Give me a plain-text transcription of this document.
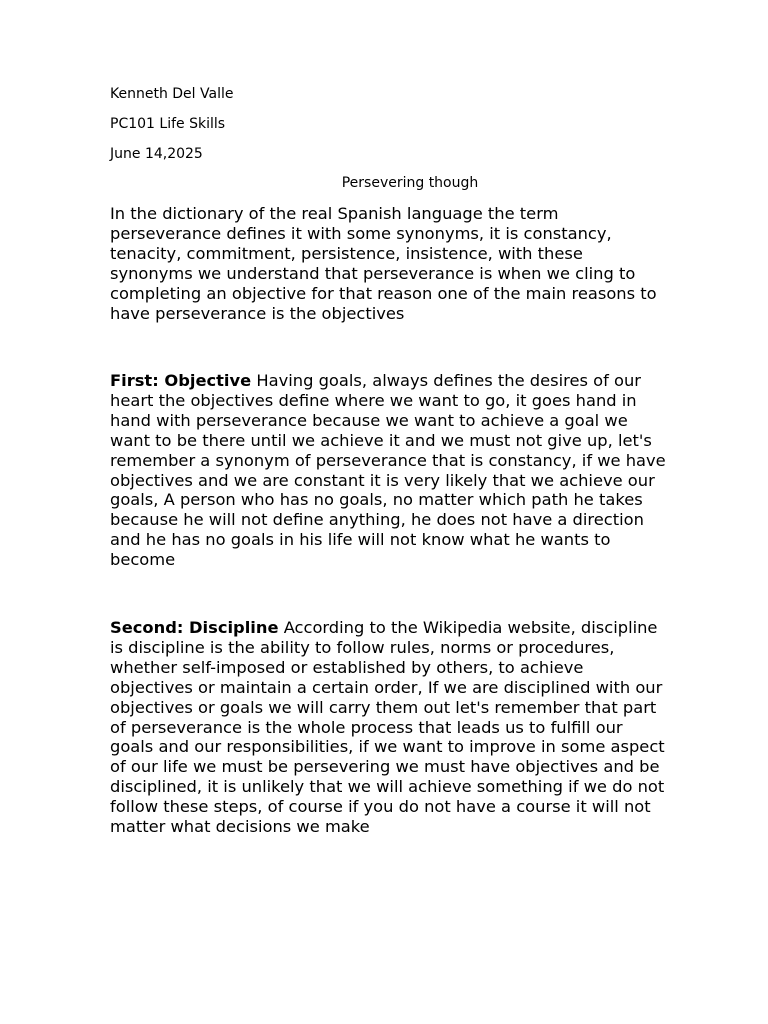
Kenneth Del Valle
PC101 Life Skills
June 14,2025
Persevering though

In the dictionary of the real Spanish language the term perseverance defines it with some synonyms, it is constancy, tenacity, commitment, persistence, insistence, with these synonyms we understand that perseverance is when we cling to completing an objective for that reason one of the main reasons to have perseverance is the objectives

First: Objective Having goals, always defines the desires of our heart the objectives define where we want to go, it goes hand in hand with perseverance because we want to achieve a goal we want to be there until we achieve it and we must not give up, let's remember a synonym of perseverance that is constancy, if we have objectives and we are constant it is very likely that we achieve our goals, A person who has no goals, no matter which path he takes because he will not define anything, he does not have a direction and he has no goals in his life will not know what he wants to become

Second: Discipline According to the Wikipedia website, discipline is discipline is the ability to follow rules, norms or procedures, whether self-imposed or established by others, to achieve objectives or maintain a certain order, If we are disciplined with our objectives or goals we will carry them out let's remember that part of perseverance is the whole process that leads us to fulfill our goals and our responsibilities, if we want to improve in some aspect of our life we must be persevering we must have objectives and be disciplined, it is unlikely that we will achieve something if we do not follow these steps, of course if you do not have a course it will not matter what decisions we make
